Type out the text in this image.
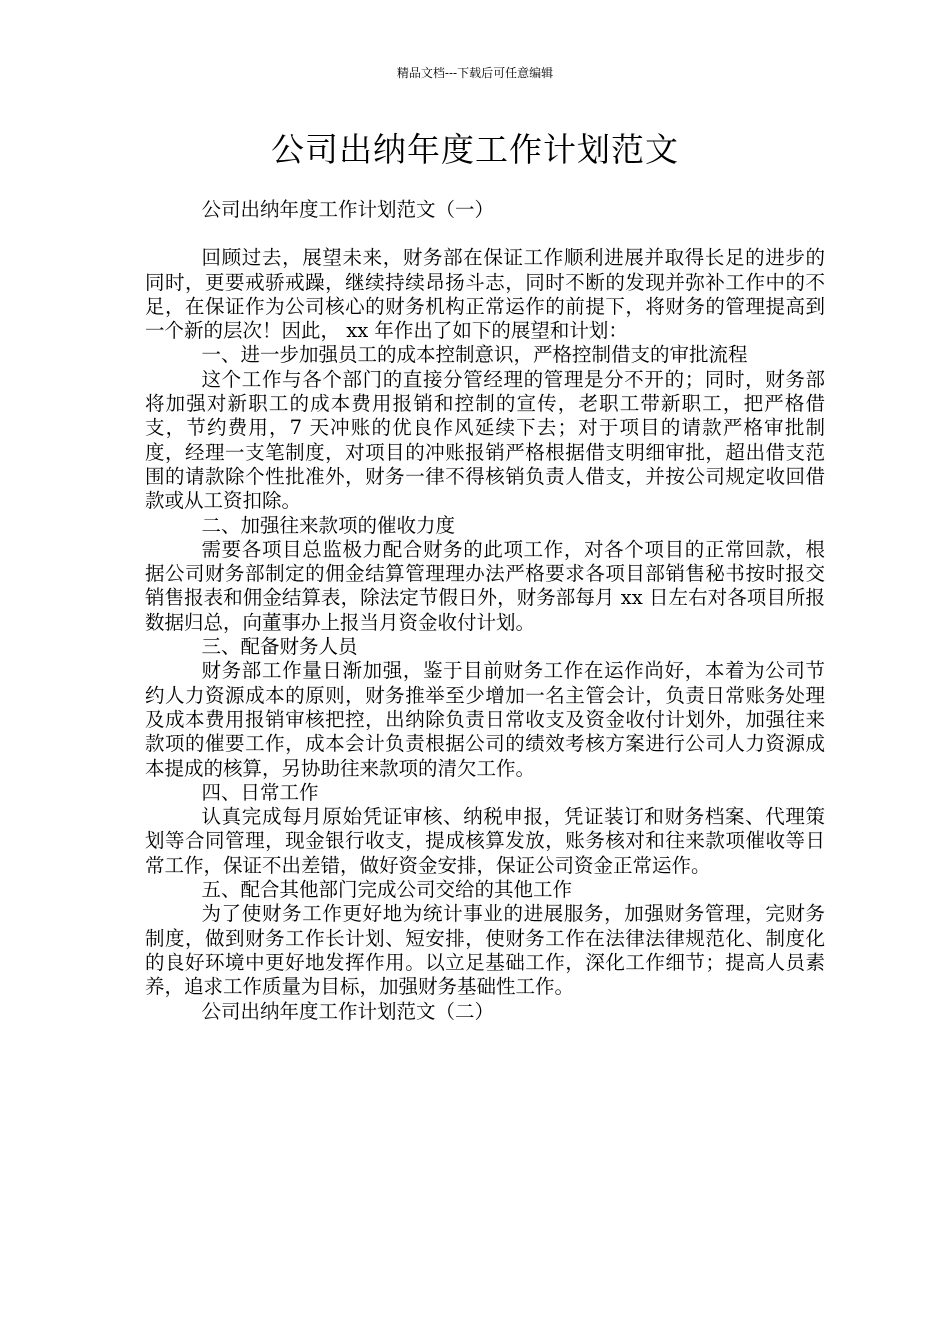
精品文档---下载后可任意编辑
公司出纳年度工作计划范文

公司出纳年度工作计划范文（一）

回顾过去，展望未来，财务部在保证工作顺利进展并取得长足的进步的同时，更要戒骄戒躁，继续持续昂扬斗志，同时不断的发现并弥补工作中的不足，在保证作为公司核心的财务机构正常运作的前提下，将财务的管理提高到一个新的层次！因此， xx 年作出了如下的展望和计划：

一、进一步加强员工的成本控制意识，严格控制借支的审批流程

这个工作与各个部门的直接分管经理的管理是分不开的；同时，财务部将加强对新职工的成本费用报销和控制的宣传，老职工带新职工，把严格借支，节约费用，7 天冲账的优良作风延续下去；对于项目的请款严格审批制度，经理一支笔制度，对项目的冲账报销严格根据借支明细审批，超出借支范围的请款除个性批准外，财务一律不得核销负责人借支，并按公司规定收回借款或从工资扣除。

二、加强往来款项的催收力度

需要各项目总监极力配合财务的此项工作，对各个项目的正常回款，根据公司财务部制定的佣金结算管理理办法严格要求各项目部销售秘书按时报交销售报表和佣金结算表，除法定节假日外，财务部每月 xx 日左右对各项目所报数据归总，向董事办上报当月资金收付计划。

三、配备财务人员

财务部工作量日渐加强，鉴于目前财务工作在运作尚好，本着为公司节约人力资源成本的原则，财务推举至少增加一名主管会计，负责日常账务处理及成本费用报销审核把控，出纳除负责日常收支及资金收付计划外，加强往来款项的催要工作，成本会计负责根据公司的绩效考核方案进行公司人力资源成本提成的核算，另协助往来款项的清欠工作。

四、日常工作

认真完成每月原始凭证审核、纳税申报，凭证装订和财务档案、代理策划等合同管理，现金银行收支，提成核算发放，账务核对和往来款项催收等日常工作，保证不出差错，做好资金安排，保证公司资金正常运作。

五、配合其他部门完成公司交给的其他工作

为了使财务工作更好地为统计事业的进展服务，加强财务管理，完财务制度，做到财务工作长计划、短安排，使财务工作在法律法律规范化、制度化的良好环境中更好地发挥作用。以立足基础工作，深化工作细节；提高人员素养，追求工作质量为目标，加强财务基础性工作。

公司出纳年度工作计划范文（二）
